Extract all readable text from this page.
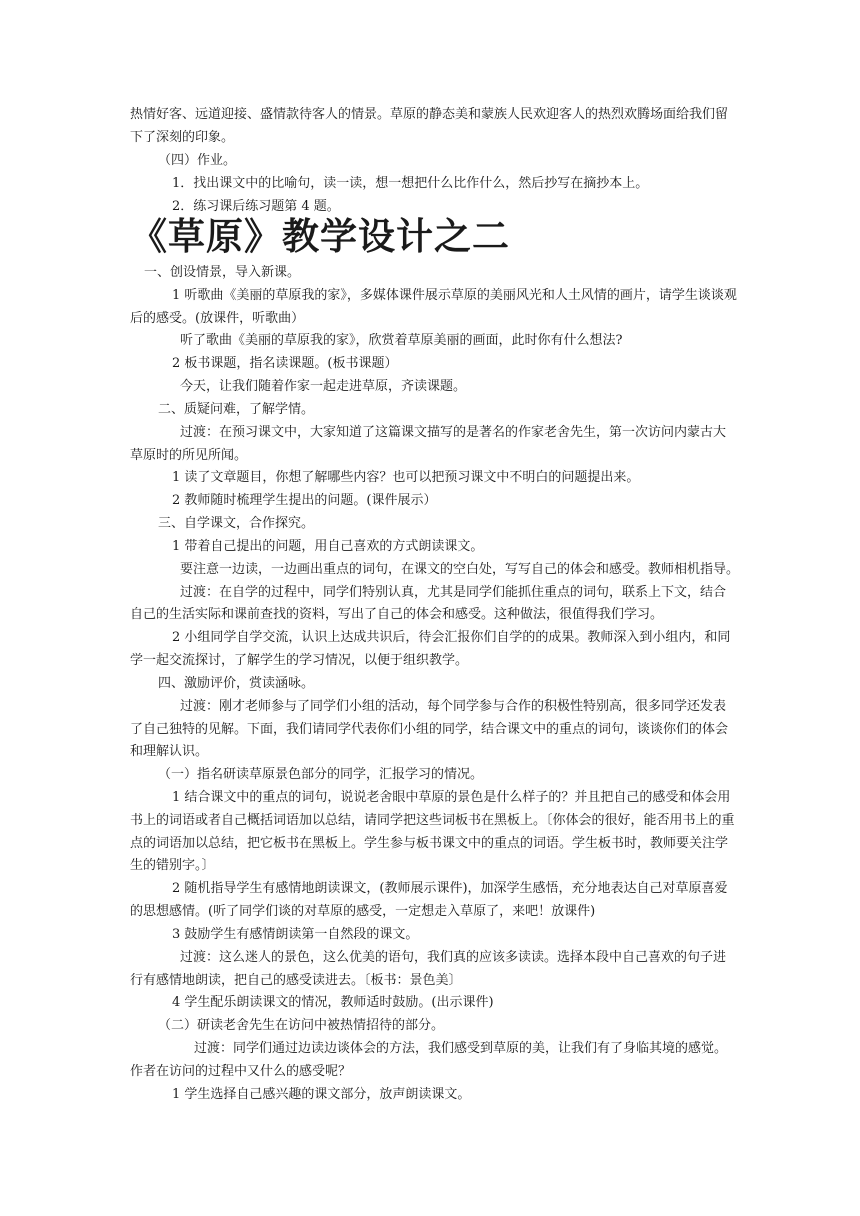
热情好客、远道迎接、盛情款待客人的情景。草原的静态美和蒙族人民欢迎客人的热烈欢腾场面给我们留
下了深刻的印象。
（四）作业。
1．找出课文中的比喻句，读一读，想一想把什么比作什么，然后抄写在摘抄本上。
2．练习课后练习题第 4 题。
《草原》教学设计之二
一、创设情景，导入新课。
1 听歌曲《美丽的草原我的家》，多媒体课件展示草原的美丽风光和人土风情的画片，请学生谈谈观
后的感受。(放课件，听歌曲）
听了歌曲《美丽的草原我的家》，欣赏着草原美丽的画面，此时你有什么想法?
2 板书课题，指名读课题。(板书课题）
今天，让我们随着作家一起走进草原，齐读课题。
二、质疑问难，了解学情。
过渡：在预习课文中，大家知道了这篇课文描写的是著名的作家老舍先生，第一次访问内蒙古大
草原时的所见所闻。
1 读了文章题目，你想了解哪些内容？也可以把预习课文中不明白的问题提出来。
2 教师随时梳理学生提出的问题。(课件展示）
三、自学课文，合作探究。
1 带着自己提出的问题，用自己喜欢的方式朗读课文。
要注意一边读，一边画出重点的词句，在课文的空白处，写写自己的体会和感受。教师相机指导。
过渡：在自学的过程中，同学们特别认真，尤其是同学们能抓住重点的词句，联系上下文，结合
自己的生活实际和课前查找的资料，写出了自己的体会和感受。这种做法，很值得我们学习。
2 小组同学自学交流，认识上达成共识后，待会汇报你们自学的的成果。教师深入到小组内，和同
学一起交流探讨，了解学生的学习情况，以便于组织教学。
四、激励评价，赏读涵咏。
过渡：刚才老师参与了同学们小组的活动，每个同学参与合作的积极性特别高，很多同学还发表
了自己独特的见解。下面，我们请同学代表你们小组的同学，结合课文中的重点的词句，谈谈你们的体会
和理解认识。
（一）指名研读草原景色部分的同学，汇报学习的情况。
1 结合课文中的重点的词句，说说老舍眼中草原的景色是什么样子的？并且把自己的感受和体会用
书上的词语或者自己概括词语加以总结，请同学把这些词板书在黑板上。〔你体会的很好，能否用书上的重
点的词语加以总结，把它板书在黑板上。学生参与板书课文中的重点的词语。学生板书时，教师要关注学
生的错别字。〕
2 随机指导学生有感情地朗读课文，(教师展示课件)，加深学生感悟，充分地表达自己对草原喜爱
的思想感情。(听了同学们谈的对草原的感受，一定想走入草原了，来吧！放课件)
3 鼓励学生有感情朗读第一自然段的课文。
过渡：这么迷人的景色，这么优美的语句，我们真的应该多读读。选择本段中自己喜欢的句子进
行有感情地朗读，把自己的感受读进去。〔板书：景色美〕
4 学生配乐朗读课文的情况，教师适时鼓励。(出示课件)
（二）研读老舍先生在访问中被热情招待的部分。
过渡：同学们通过边读边谈体会的方法，我们感受到草原的美，让我们有了身临其境的感觉。
作者在访问的过程中又什么的感受呢？
1 学生选择自己感兴趣的课文部分，放声朗读课文。
